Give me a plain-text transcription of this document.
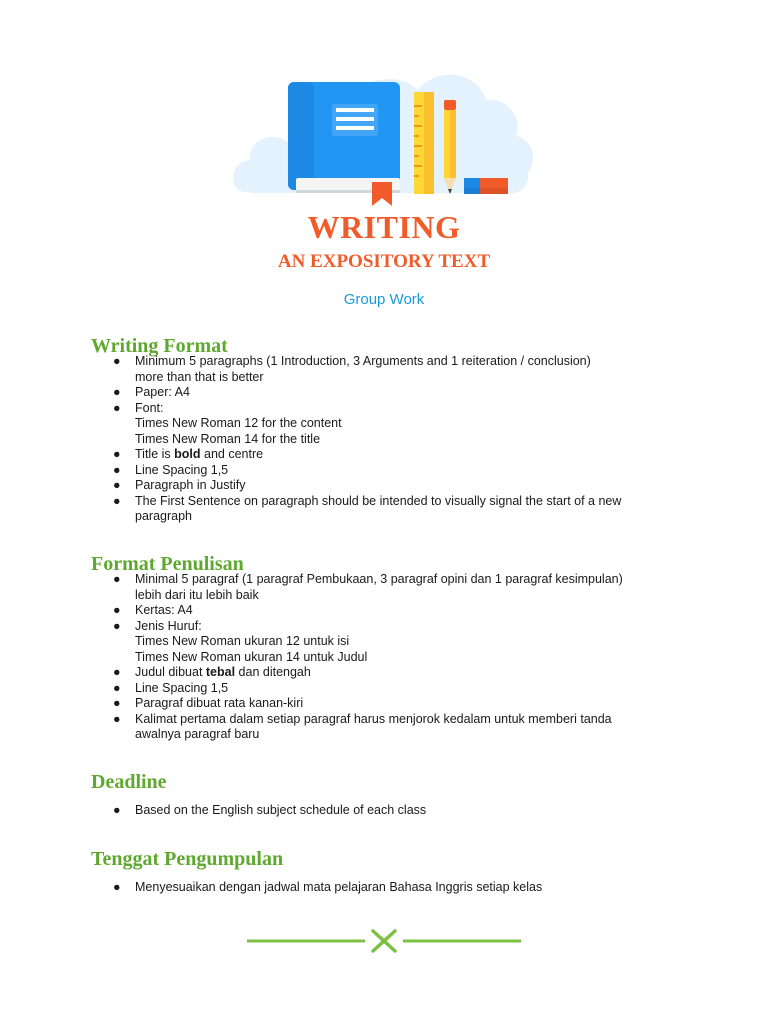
WRITING
AN EXPOSITORY TEXT
Group Work
Writing Format
● Minimum 5 paragraphs (1 Introduction, 3 Arguments and 1 reiteration / conclusion)
more than that is better
● Paper: A4
● Font:
Times New Roman 12 for the content
Times New Roman 14 for the title
● Title is bold and centre
● Line Spacing 1,5
● Paragraph in Justify
● The First Sentence on paragraph should be intended to visually signal the start of a new
paragraph
Format Penulisan
● Minimal 5 paragraf (1 paragraf Pembukaan, 3 paragraf opini dan 1 paragraf kesimpulan)
lebih dari itu lebih baik
● Kertas: A4
● Jenis Huruf:
Times New Roman ukuran 12 untuk isi
Times New Roman ukuran 14 untuk Judul
● Judul dibuat tebal dan ditengah
● Line Spacing 1,5
● Paragraf dibuat rata kanan-kiri
● Kalimat pertama dalam setiap paragraf harus menjorok kedalam untuk memberi tanda
awalnya paragraf baru
Deadline
● Based on the English subject schedule of each class
Tenggat Pengumpulan
● Menyesuaikan dengan jadwal mata pelajaran Bahasa Inggris setiap kelas
